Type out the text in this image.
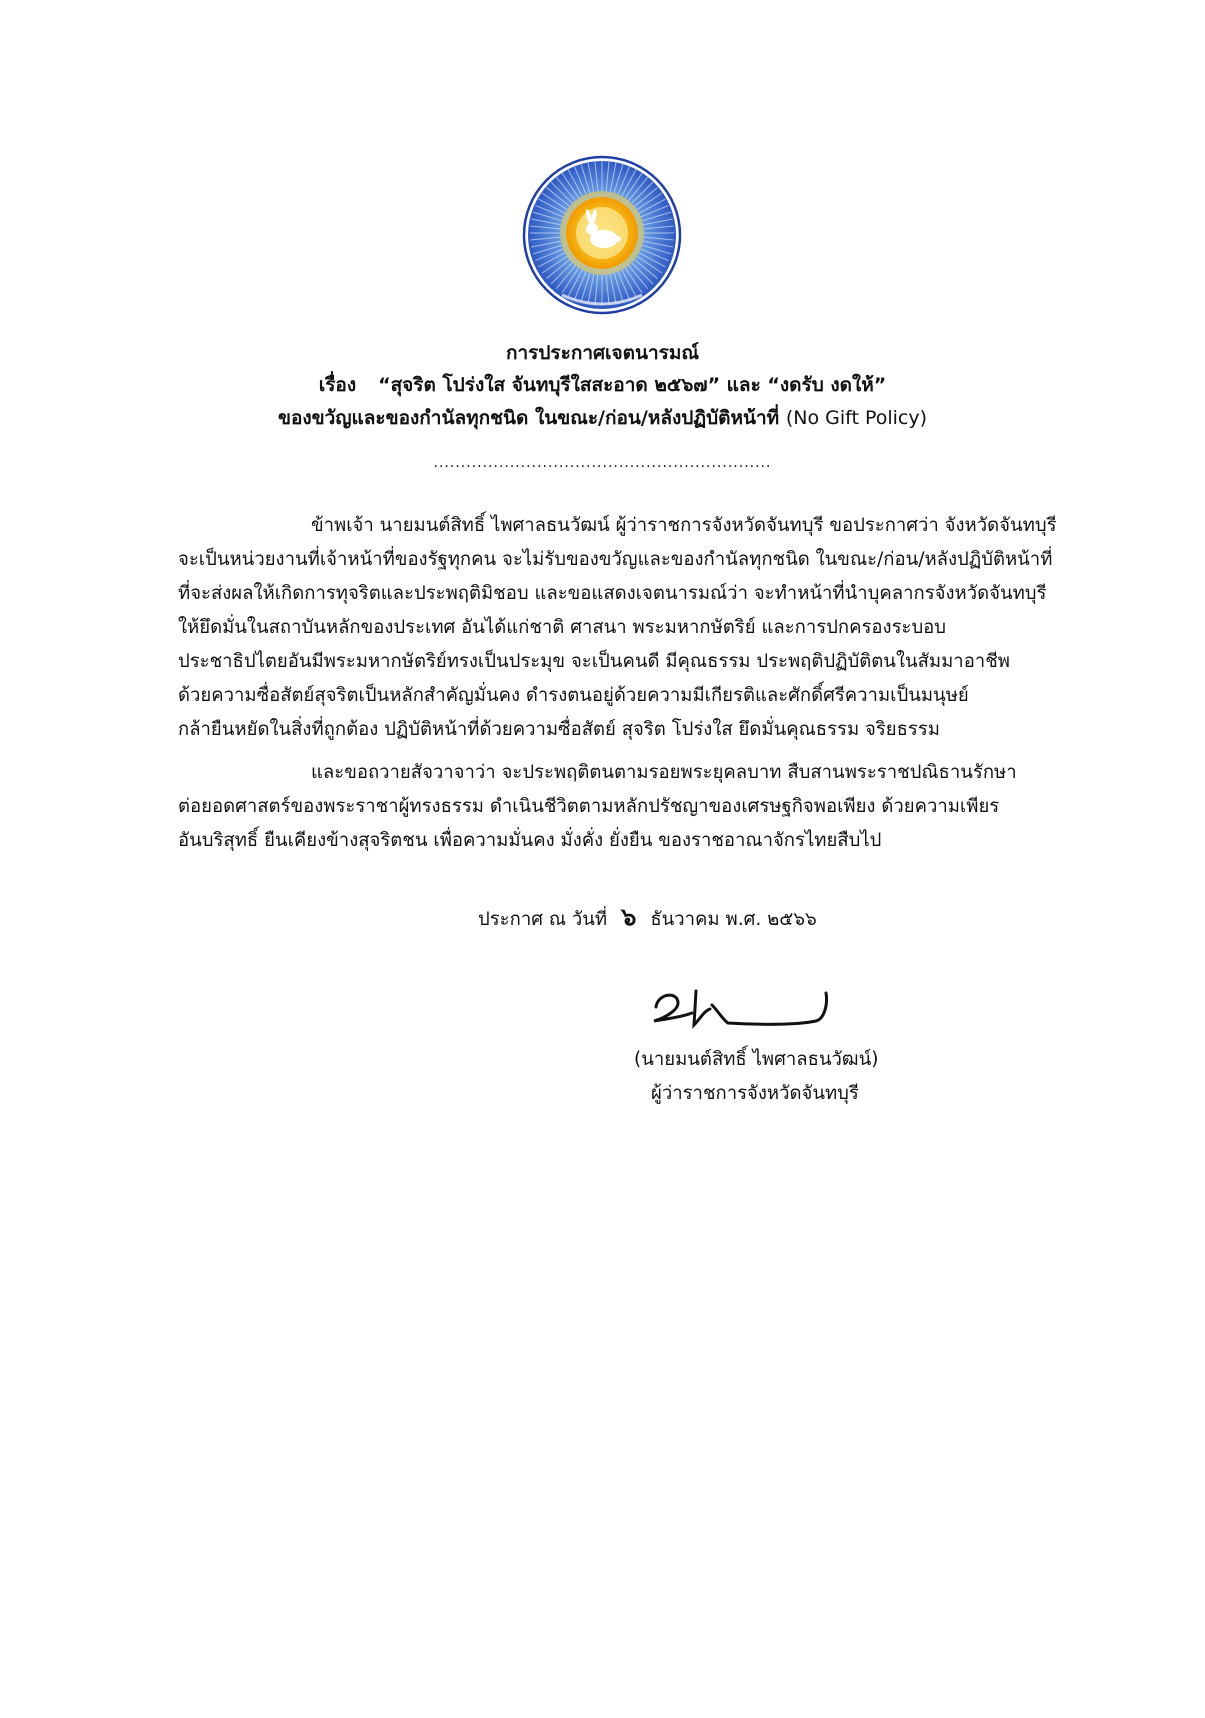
การประกาศเจตนารมณ์
เรื่อง “สุจริต โปร่งใส จันทบุรีใสสะอาด ๒๕๖๗” และ “งดรับ งดให้”
ของขวัญและของกำนัลทุกชนิด ในขณะ/ก่อน/หลังปฏิบัติหน้าที่ (No Gift Policy)
..............................................................
ข้าพเจ้า นายมนต์สิทธิ์ ไพศาลธนวัฒน์ ผู้ว่าราชการจังหวัดจันทบุรี ขอประกาศว่า จังหวัดจันทบุรี
จะเป็นหน่วยงานที่เจ้าหน้าที่ของรัฐทุกคน จะไม่รับของขวัญและของกำนัลทุกชนิด ในขณะ/ก่อน/หลังปฏิบัติหน้าที่
ที่จะส่งผลให้เกิดการทุจริตและประพฤติมิชอบ และขอแสดงเจตนารมณ์ว่า จะทำหน้าที่นำบุคลากรจังหวัดจันทบุรี
ให้ยึดมั่นในสถาบันหลักของประเทศ อันได้แก่ชาติ ศาสนา พระมหากษัตริย์ และการปกครองระบอบ
ประชาธิปไตยอันมีพระมหากษัตริย์ทรงเป็นประมุข จะเป็นคนดี มีคุณธรรม ประพฤติปฏิบัติตนในสัมมาอาชีพ
ด้วยความซื่อสัตย์สุจริตเป็นหลักสำคัญมั่นคง ดำรงตนอยู่ด้วยความมีเกียรติและศักดิ์ศรีความเป็นมนุษย์
กล้ายืนหยัดในสิ่งที่ถูกต้อง ปฏิบัติหน้าที่ด้วยความซื่อสัตย์ สุจริต โปร่งใส ยึดมั่นคุณธรรม จริยธรรม
และขอถวายสัจวาจาว่า จะประพฤติตนตามรอยพระยุคลบาท สืบสานพระราชปณิธานรักษา
ต่อยอดศาสตร์ของพระราชาผู้ทรงธรรม ดำเนินชีวิตตามหลักปรัชญาของเศรษฐกิจพอเพียง ด้วยความเพียร
อันบริสุทธิ์ ยืนเคียงข้างสุจริตชน เพื่อความมั่นคง มั่งคั่ง ยั่งยืน ของราชอาณาจักรไทยสืบไป
ประกาศ ณ วันที่ ๖ ธันวาคม พ.ศ. ๒๕๖๖
(นายมนต์สิทธิ์ ไพศาลธนวัฒน์)
ผู้ว่าราชการจังหวัดจันทบุรี
